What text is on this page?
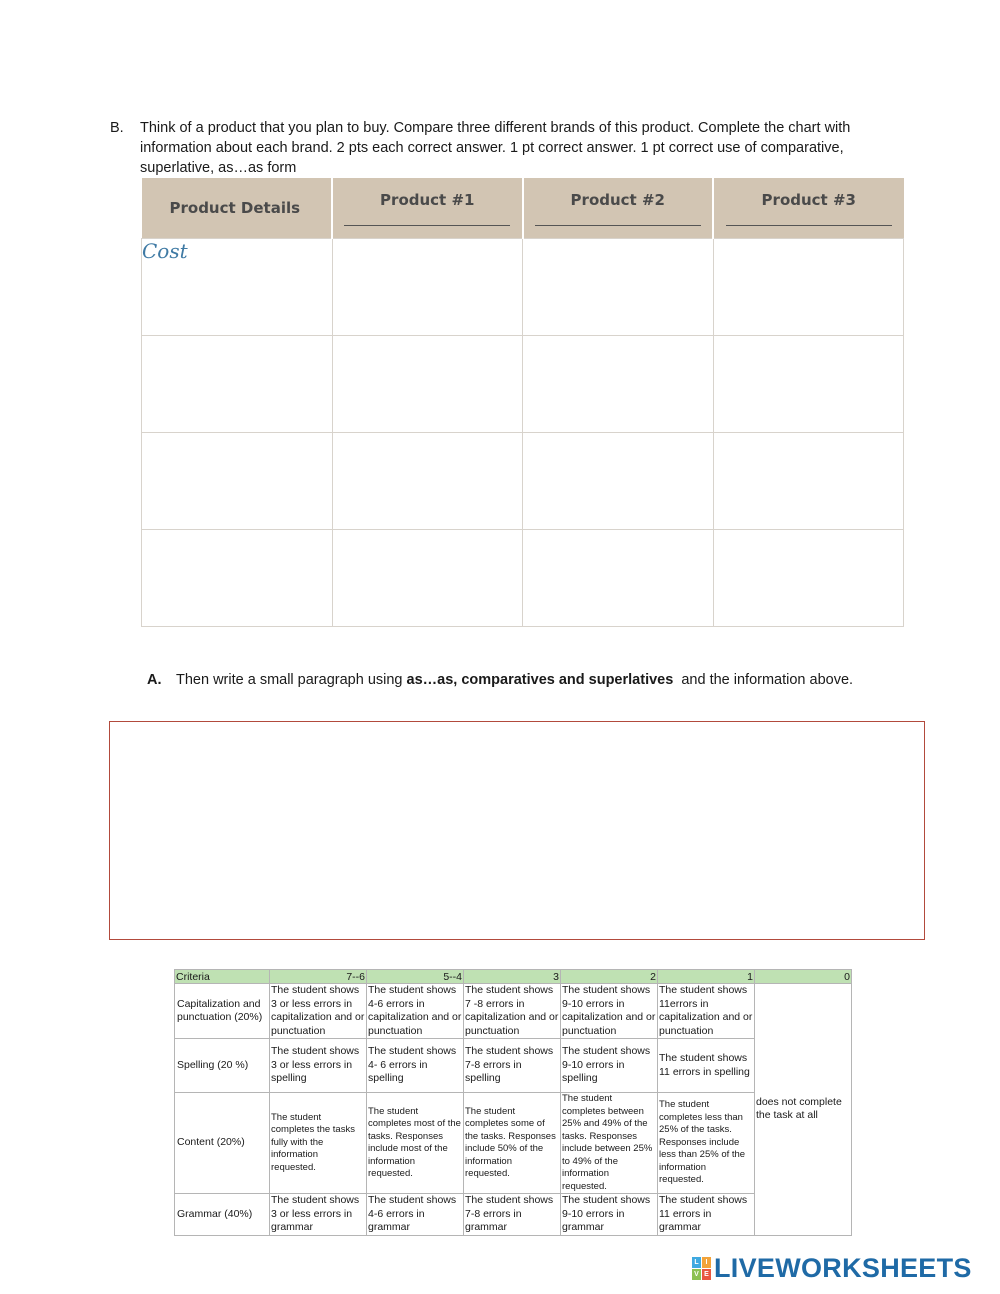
B. Think of a product that you plan to buy. Compare three different brands of this product. Complete the chart with information about each brand. 2 pts each correct answer. 1 pt correct answer. 1 pt correct use of comparative, superlative, as…as form
Product Details	Product #1	Product #2	Product #3

Cost			

A. Then write a small paragraph using as…as, comparatives and superlatives  and the information above.
Criteria	7--6	5--4	3	2	1	0
Capitalization and punctuation (20%)	The student shows 3 or less errors in capitalization and or punctuation	The student shows 4-6 errors in capitalization and or punctuation	The student shows 7 -8 errors in capitalization and or punctuation	The student shows 9-10 errors in capitalization and or punctuation	The student shows 11errors in capitalization and or punctuation	does not complete the task at all
Spelling (20 %)	The student shows 3 or less errors in spelling	The student shows 4- 6 errors in spelling	The student shows 7-8 errors in spelling	The student shows 9-10 errors in spelling	The student shows 11 errors in spelling	
Content (20%)	The student completes the tasks fully with the information requested.	The student completes most of the tasks. Responses include most of the information requested.	The student completes some of the tasks. Responses include 50% of the information requested.	The student completes between 25% and 49% of the tasks. Responses include between 25% to 49% of the information requested.	The student completes less than 25% of the tasks. Responses include less than 25% of the information requested.	
Grammar (40%)	The student shows 3 or less errors in grammar	The student shows 4-6 errors in grammar	The student shows 7-8 errors in grammar	The student shows 9-10 errors in grammar	The student shows 11 errors in grammar	
L I
V E LIVEWORKSHEETS
